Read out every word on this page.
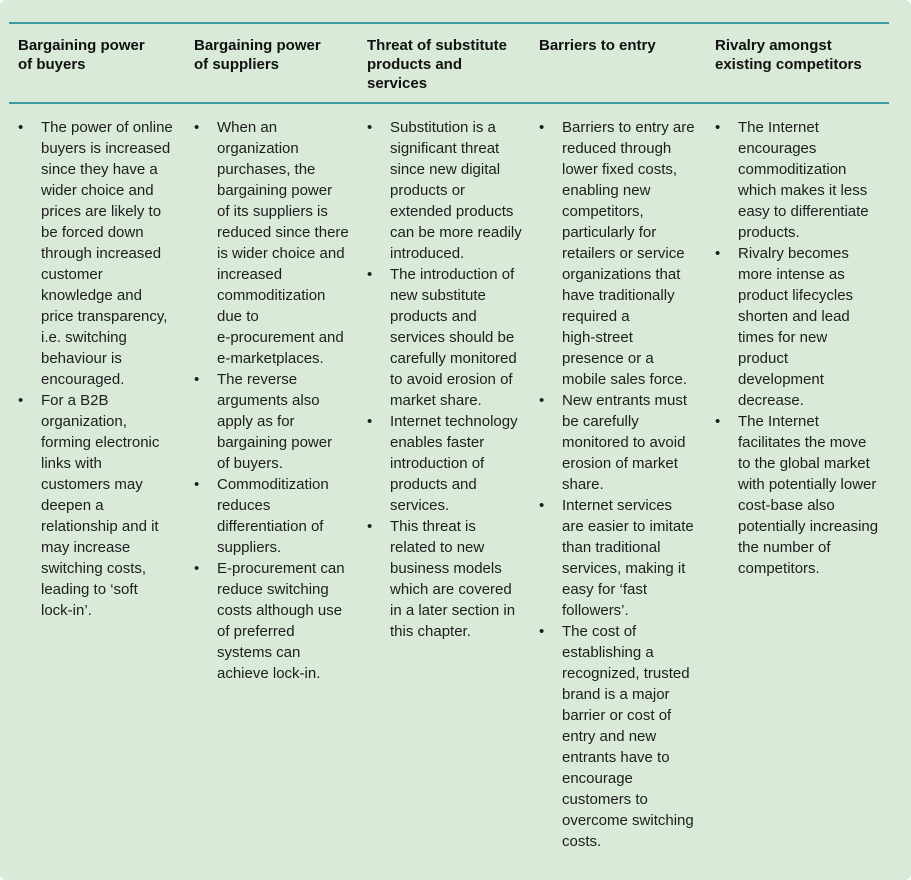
Bargaining power
of buyers
• The power of online
buyers is increased
since they have a
wider choice and
prices are likely to
be forced down
through increased
customer
knowledge and
price transparency,
i.e. switching
behaviour is
encouraged.
• For a B2B
organization,
forming electronic
links with
customers may
deepen a
relationship and it
may increase
switching costs,
leading to ‘soft
lock-in’.
Bargaining power
of suppliers
• When an
organization
purchases, the
bargaining power
of its suppliers is
reduced since there
is wider choice and
increased
commoditization
due to
e-procurement and
e-marketplaces.
• The reverse
arguments also
apply as for
bargaining power
of buyers.
• Commoditization
reduces
differentiation of
suppliers.
• E-procurement can
reduce switching
costs although use
of preferred
systems can
achieve lock-in.
Threat of substitute
products and
services
• Substitution is a
significant threat
since new digital
products or
extended products
can be more readily
introduced.
• The introduction of
new substitute
products and
services should be
carefully monitored
to avoid erosion of
market share.
• Internet technology
enables faster
introduction of
products and
services.
• This threat is
related to new
business models
which are covered
in a later section in
this chapter.
Barriers to entry
• Barriers to entry are
reduced through
lower fixed costs,
enabling new
competitors,
particularly for
retailers or service
organizations that
have traditionally
required a
high-street
presence or a
mobile sales force.
• New entrants must
be carefully
monitored to avoid
erosion of market
share.
• Internet services
are easier to imitate
than traditional
services, making it
easy for ‘fast
followers’.
• The cost of
establishing a
recognized, trusted
brand is a major
barrier or cost of
entry and new
entrants have to
encourage
customers to
overcome switching
costs.
Rivalry amongst
existing competitors
• The Internet
encourages
commoditization
which makes it less
easy to differentiate
products.
• Rivalry becomes
more intense as
product lifecycles
shorten and lead
times for new
product
development
decrease.
• The Internet
facilitates the move
to the global market
with potentially lower
cost-base also
potentially increasing
the number of
competitors.
